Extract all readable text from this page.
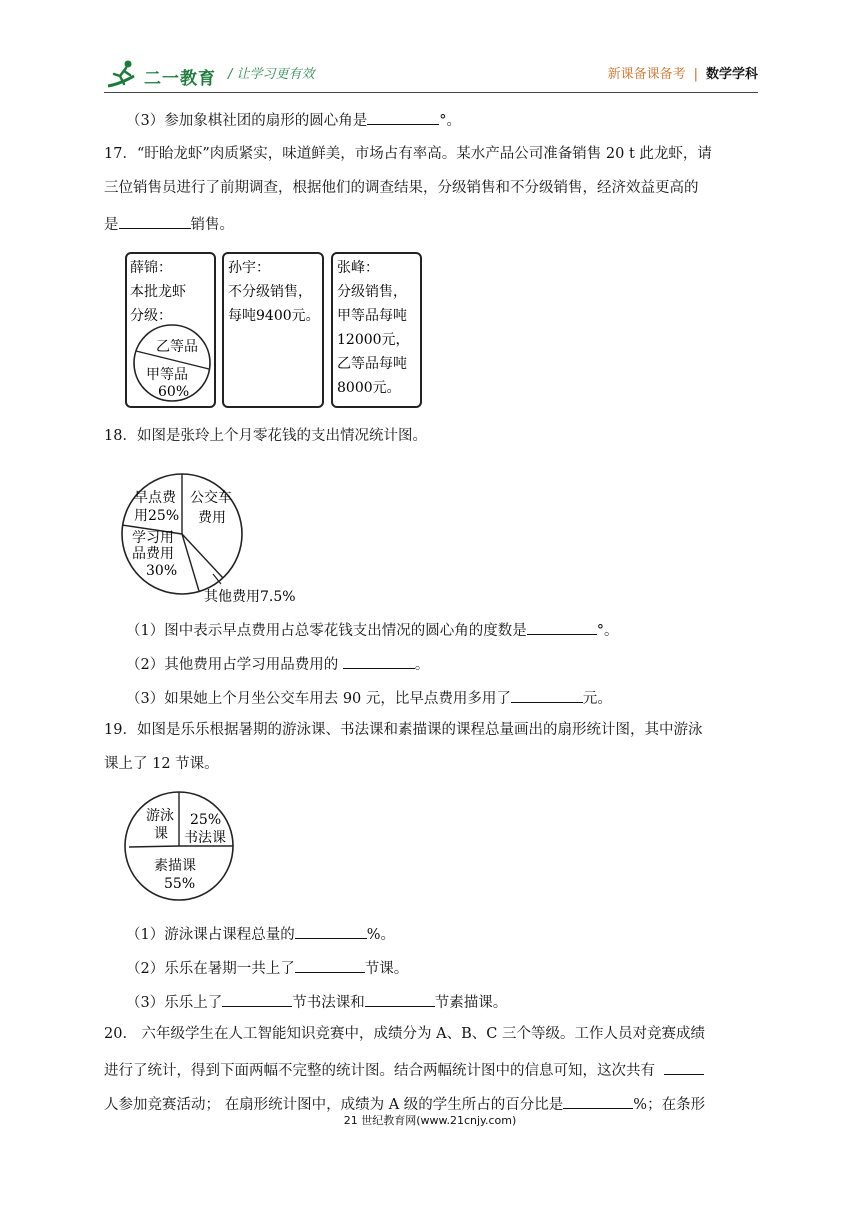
二一教育 / 让学习更有效	新课备课备考 | 数学学科
（3）参加象棋社团的扇形的圆心角是	°。
17．“盱眙龙虾”肉质紧实，味道鲜美，市场占有率高。某水产品公司准备销售 20 t 此龙虾，请
三位销售员进行了前期调查，根据他们的调查结果，分级销售和不分级销售，经济效益更高的
是	销售。
薛锦：
本批龙虾
分级：
乙等品
甲等品
60%
孙宇：
不分级销售，
每吨9400元。
张峰：
分级销售，
甲等品每吨
12000元，
乙等品每吨
8000元。
18．如图是张玲上个月零花钱的支出情况统计图。
早点费
用25%
公交车
费用
学习用
品费用
30%
其他费用7.5%
（1）图中表示早点费用占总零花钱支出情况的圆心角的度数是	°。
（2）其他费用占学习用品费用的	。
（3）如果她上个月坐公交车用去 90 元，比早点费用多用了	元。
19．如图是乐乐根据暑期的游泳课、书法课和素描课的课程总量画出的扇形统计图，其中游泳
课上了 12 节课。
游泳
课
25%
书法课
素描课
55%
（1）游泳课占课程总量的	%。
（2）乐乐在暑期一共上了	节课。
（3）乐乐上了	节书法课和	节素描课。
20． 六年级学生在人工智能知识竞赛中，成绩分为 A、B、C 三个等级。工作人员对竞赛成绩
进行了统计，得到下面两幅不完整的统计图。结合两幅统计图中的信息可知，这次共有
人参加竞赛活动； 在扇形统计图中，成绩为 A 级的学生所占的百分比是	%；在条形
21 世纪教育网(www.21cnjy.com)
